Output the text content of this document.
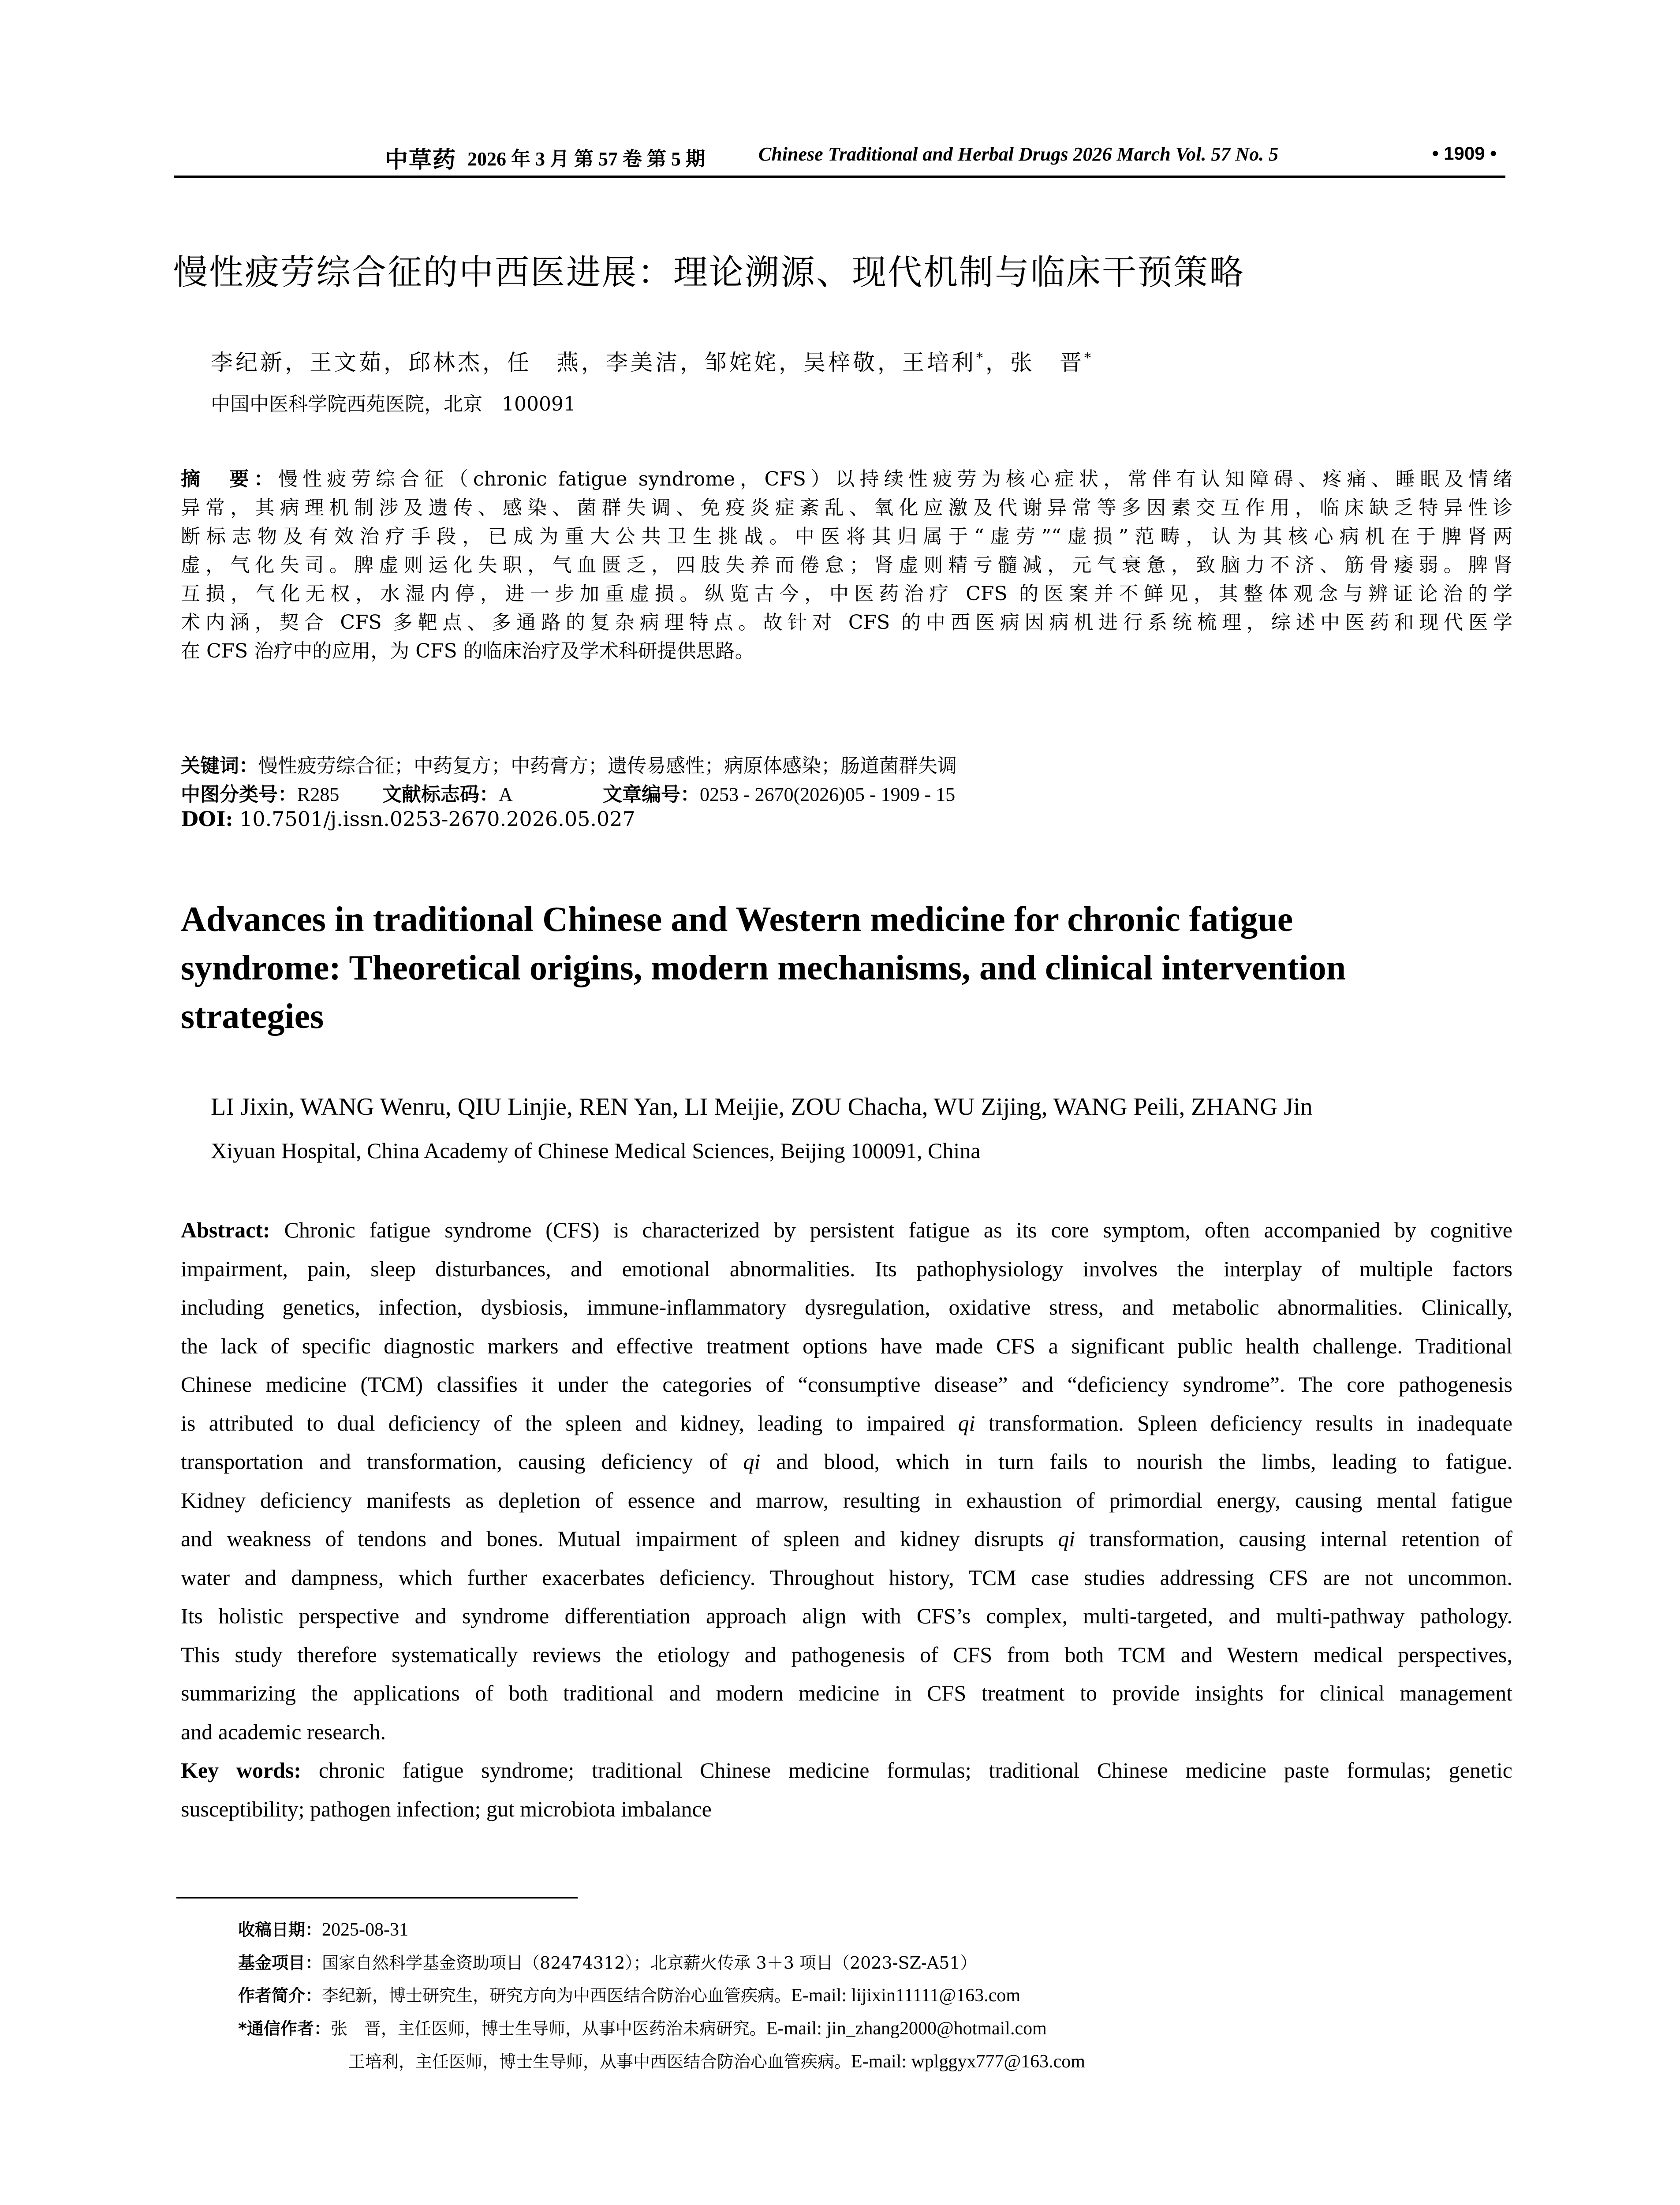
中草药 2026 年 3 月 第 57 卷 第 5 期	Chinese Traditional and Herbal Drugs 2026 March Vol. 57 No. 5	• 1909 •
慢性疲劳综合征的中西医进展：理论溯源、现代机制与临床干预策略
李纪新，王文茹，邱林杰，任　燕，李美洁，邹姹姹，吴梓敬，王培利*，张　晋*
中国中医科学院西苑医院，北京　100091
摘　要：慢性疲劳综合征（chronic fatigue syndrome，CFS）以持续性疲劳为核心症状，常伴有认知障碍、疼痛、睡眠及情绪
异常，其病理机制涉及遗传、感染、菌群失调、免疫炎症紊乱、氧化应激及代谢异常等多因素交互作用，临床缺乏特异性诊
断标志物及有效治疗手段，已成为重大公共卫生挑战。中医将其归属于“虚劳”“虚损”范畴，认为其核心病机在于脾肾两
虚，气化失司。脾虚则运化失职，气血匮乏，四肢失养而倦怠；肾虚则精亏髓减，元气衰惫，致脑力不济、筋骨痿弱。脾肾
互损，气化无权，水湿内停，进一步加重虚损。纵览古今，中医药治疗 CFS 的医案并不鲜见，其整体观念与辨证论治的学
术内涵，契合 CFS 多靶点、多通路的复杂病理特点。故针对 CFS 的中西医病因病机进行系统梳理，综述中医药和现代医学
在 CFS 治疗中的应用，为 CFS 的临床治疗及学术科研提供思路。
关键词：慢性疲劳综合征；中药复方；中药膏方；遗传易感性；病原体感染；肠道菌群失调
中图分类号：R285 文献标志码：A	文章编号：0253 - 2670(2026)05 - 1909 - 15
DOI: 10.7501/j.issn.0253-2670.2026.05.027
Advances in traditional Chinese and Western medicine for chronic fatigue
syndrome: Theoretical origins, modern mechanisms, and clinical intervention
strategies
LI Jixin, WANG Wenru, QIU Linjie, REN Yan, LI Meijie, ZOU Chacha, WU Zijing, WANG Peili, ZHANG Jin
Xiyuan Hospital, China Academy of Chinese Medical Sciences, Beijing 100091, China
Abstract: Chronic fatigue syndrome (CFS) is characterized by persistent fatigue as its core symptom, often accompanied by cognitive
impairment, pain, sleep disturbances, and emotional abnormalities. Its pathophysiology involves the interplay of multiple factors
including genetics, infection, dysbiosis, immune-inflammatory dysregulation, oxidative stress, and metabolic abnormalities. Clinically,
the lack of specific diagnostic markers and effective treatment options have made CFS a significant public health challenge. Traditional
Chinese medicine (TCM) classifies it under the categories of “consumptive disease” and “deficiency syndrome”. The core pathogenesis
is attributed to dual deficiency of the spleen and kidney, leading to impaired qi transformation. Spleen deficiency results in inadequate
transportation and transformation, causing deficiency of qi and blood, which in turn fails to nourish the limbs, leading to fatigue.
Kidney deficiency manifests as depletion of essence and marrow, resulting in exhaustion of primordial energy, causing mental fatigue
and weakness of tendons and bones. Mutual impairment of spleen and kidney disrupts qi transformation, causing internal retention of
water and dampness, which further exacerbates deficiency. Throughout history, TCM case studies addressing CFS are not uncommon.
Its holistic perspective and syndrome differentiation approach align with CFS’s complex, multi-targeted, and multi-pathway pathology.
This study therefore systematically reviews the etiology and pathogenesis of CFS from both TCM and Western medical perspectives,
summarizing the applications of both traditional and modern medicine in CFS treatment to provide insights for clinical management
and academic research.
Key words: chronic fatigue syndrome; traditional Chinese medicine formulas; traditional Chinese medicine paste formulas; genetic
susceptibility; pathogen infection; gut microbiota imbalance
收稿日期：2025-08-31
基金项目：国家自然科学基金资助项目（82474312）；北京薪火传承 3＋3 项目（2023-SZ-A51）
作者简介：李纪新，博士研究生，研究方向为中西医结合防治心血管疾病。E-mail: lijixin11111@163.com
*通信作者：张　晋，主任医师，博士生导师，从事中医药治未病研究。E-mail: jin_zhang2000@hotmail.com
王培利，主任医师，博士生导师，从事中西医结合防治心血管疾病。E-mail: wplggyx777@163.com
